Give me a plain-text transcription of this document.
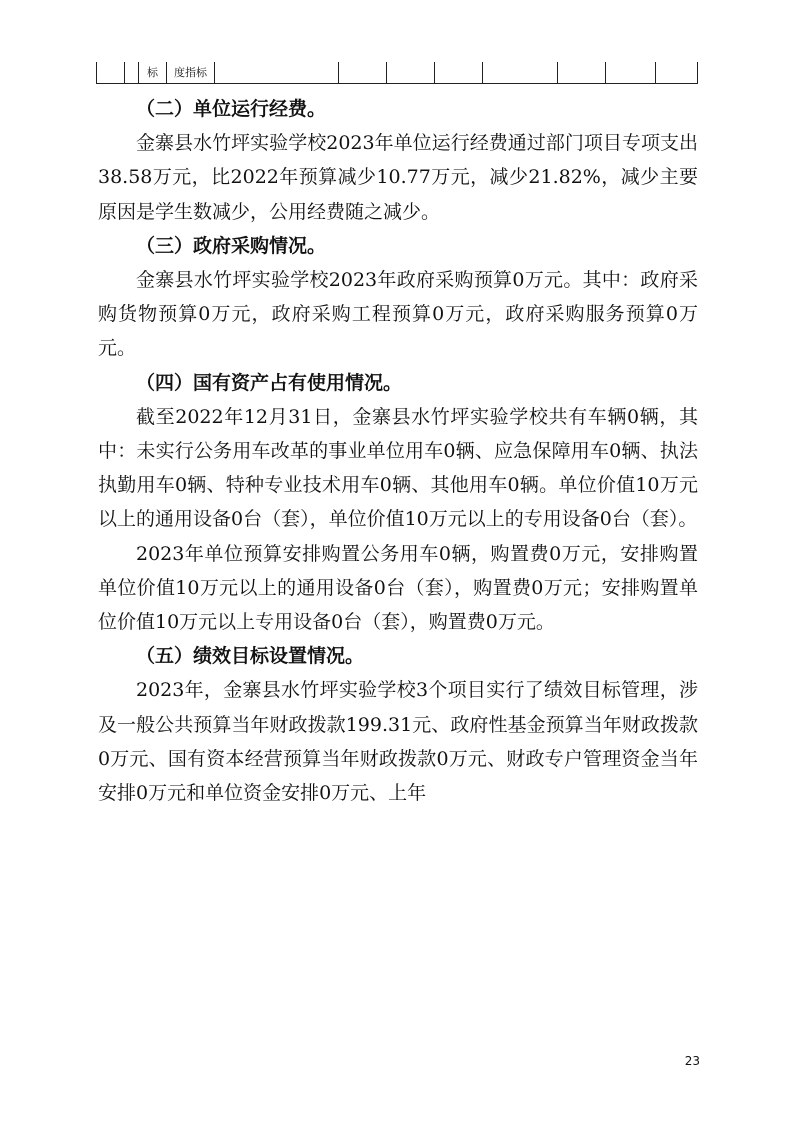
		标	度指标								

（二）单位运行经费。

金寨县水竹坪实验学校2023年单位运行经费通过部门项目专项支出38.58万元，比2022年预算减少10.77万元，减少21.82%，减少主要原因是学生数减少，公用经费随之减少。

（三）政府采购情况。

金寨县水竹坪实验学校2023年政府采购预算0万元。其中：政府采购货物预算0万元，政府采购工程预算0万元，政府采购服务预算0万元。

（四）国有资产占有使用情况。

截至2022年12月31日，金寨县水竹坪实验学校共有车辆0辆，其中：未实行公务用车改革的事业单位用车0辆、应急保障用车0辆、执法执勤用车0辆、特种专业技术用车0辆、其他用车0辆。单位价值10万元以上的通用设备0台（套），单位价值10万元以上的专用设备0台（套）。

2023年单位预算安排购置公务用车0辆，购置费0万元，安排购置单位价值10万元以上的通用设备0台（套），购置费0万元；安排购置单位价值10万元以上专用设备0台（套），购置费0万元。

（五）绩效目标设置情况。

2023年，金寨县水竹坪实验学校3个项目实行了绩效目标管理，涉及一般公共预算当年财政拨款199.31元、政府性基金预算当年财政拨款0万元、国有资本经营预算当年财政拨款0万元、财政专户管理资金当年安排0万元和单位资金安排0万元、上年

23
